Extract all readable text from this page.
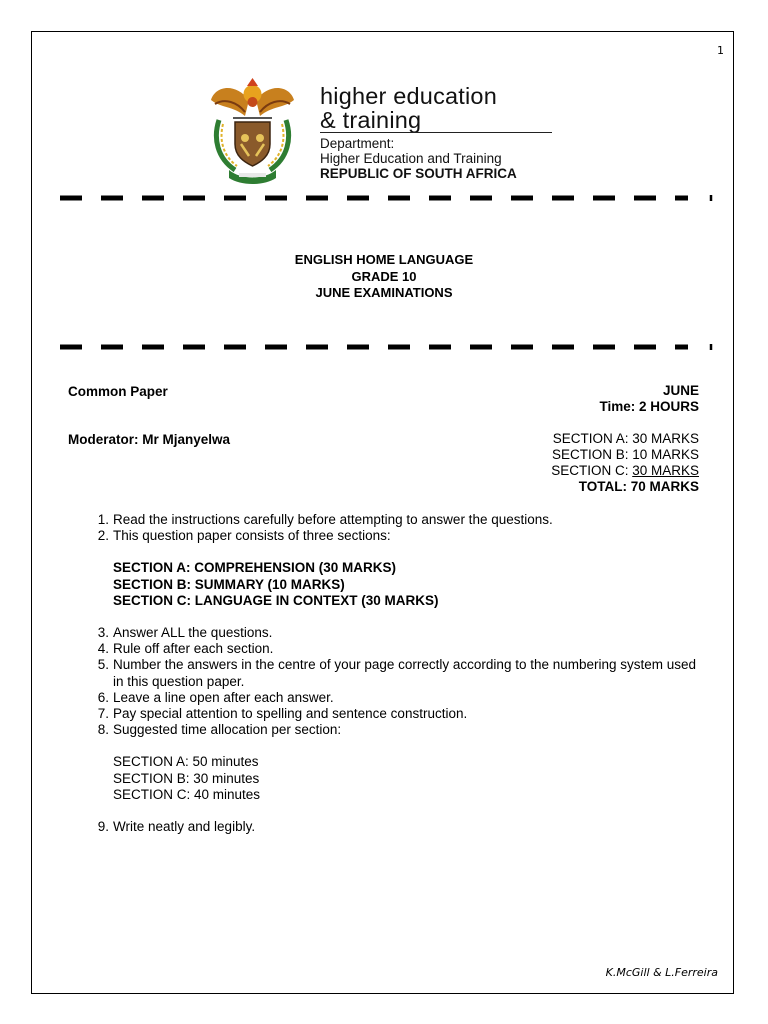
1
higher education
& training
Department:
Higher Education and Training
REPUBLIC OF SOUTH AFRICA
ENGLISH HOME LANGUAGE
GRADE 10
JUNE EXAMINATIONS
Common Paper	JUNE
Time: 2 HOURS
Moderator: Mr Mjanyelwa	SECTION A: 30 MARKS
SECTION B: 10 MARKS
SECTION C: 30 MARKS
TOTAL: 70 MARKS
1. Read the instructions carefully before attempting to answer the questions.
2. This question paper consists of three sections:
SECTION A: COMPREHENSION (30 MARKS)
SECTION B: SUMMARY (10 MARKS)
SECTION C: LANGUAGE IN CONTEXT (30 MARKS)
3. Answer ALL the questions.
4. Rule off after each section.
5. Number the answers in the centre of your page correctly according to the numbering system used in this question paper.
6. Leave a line open after each answer.
7. Pay special attention to spelling and sentence construction.
8. Suggested time allocation per section:
SECTION A: 50 minutes
SECTION B: 30 minutes
SECTION C: 40 minutes
9. Write neatly and legibly.
K.McGill & L.Ferreira
